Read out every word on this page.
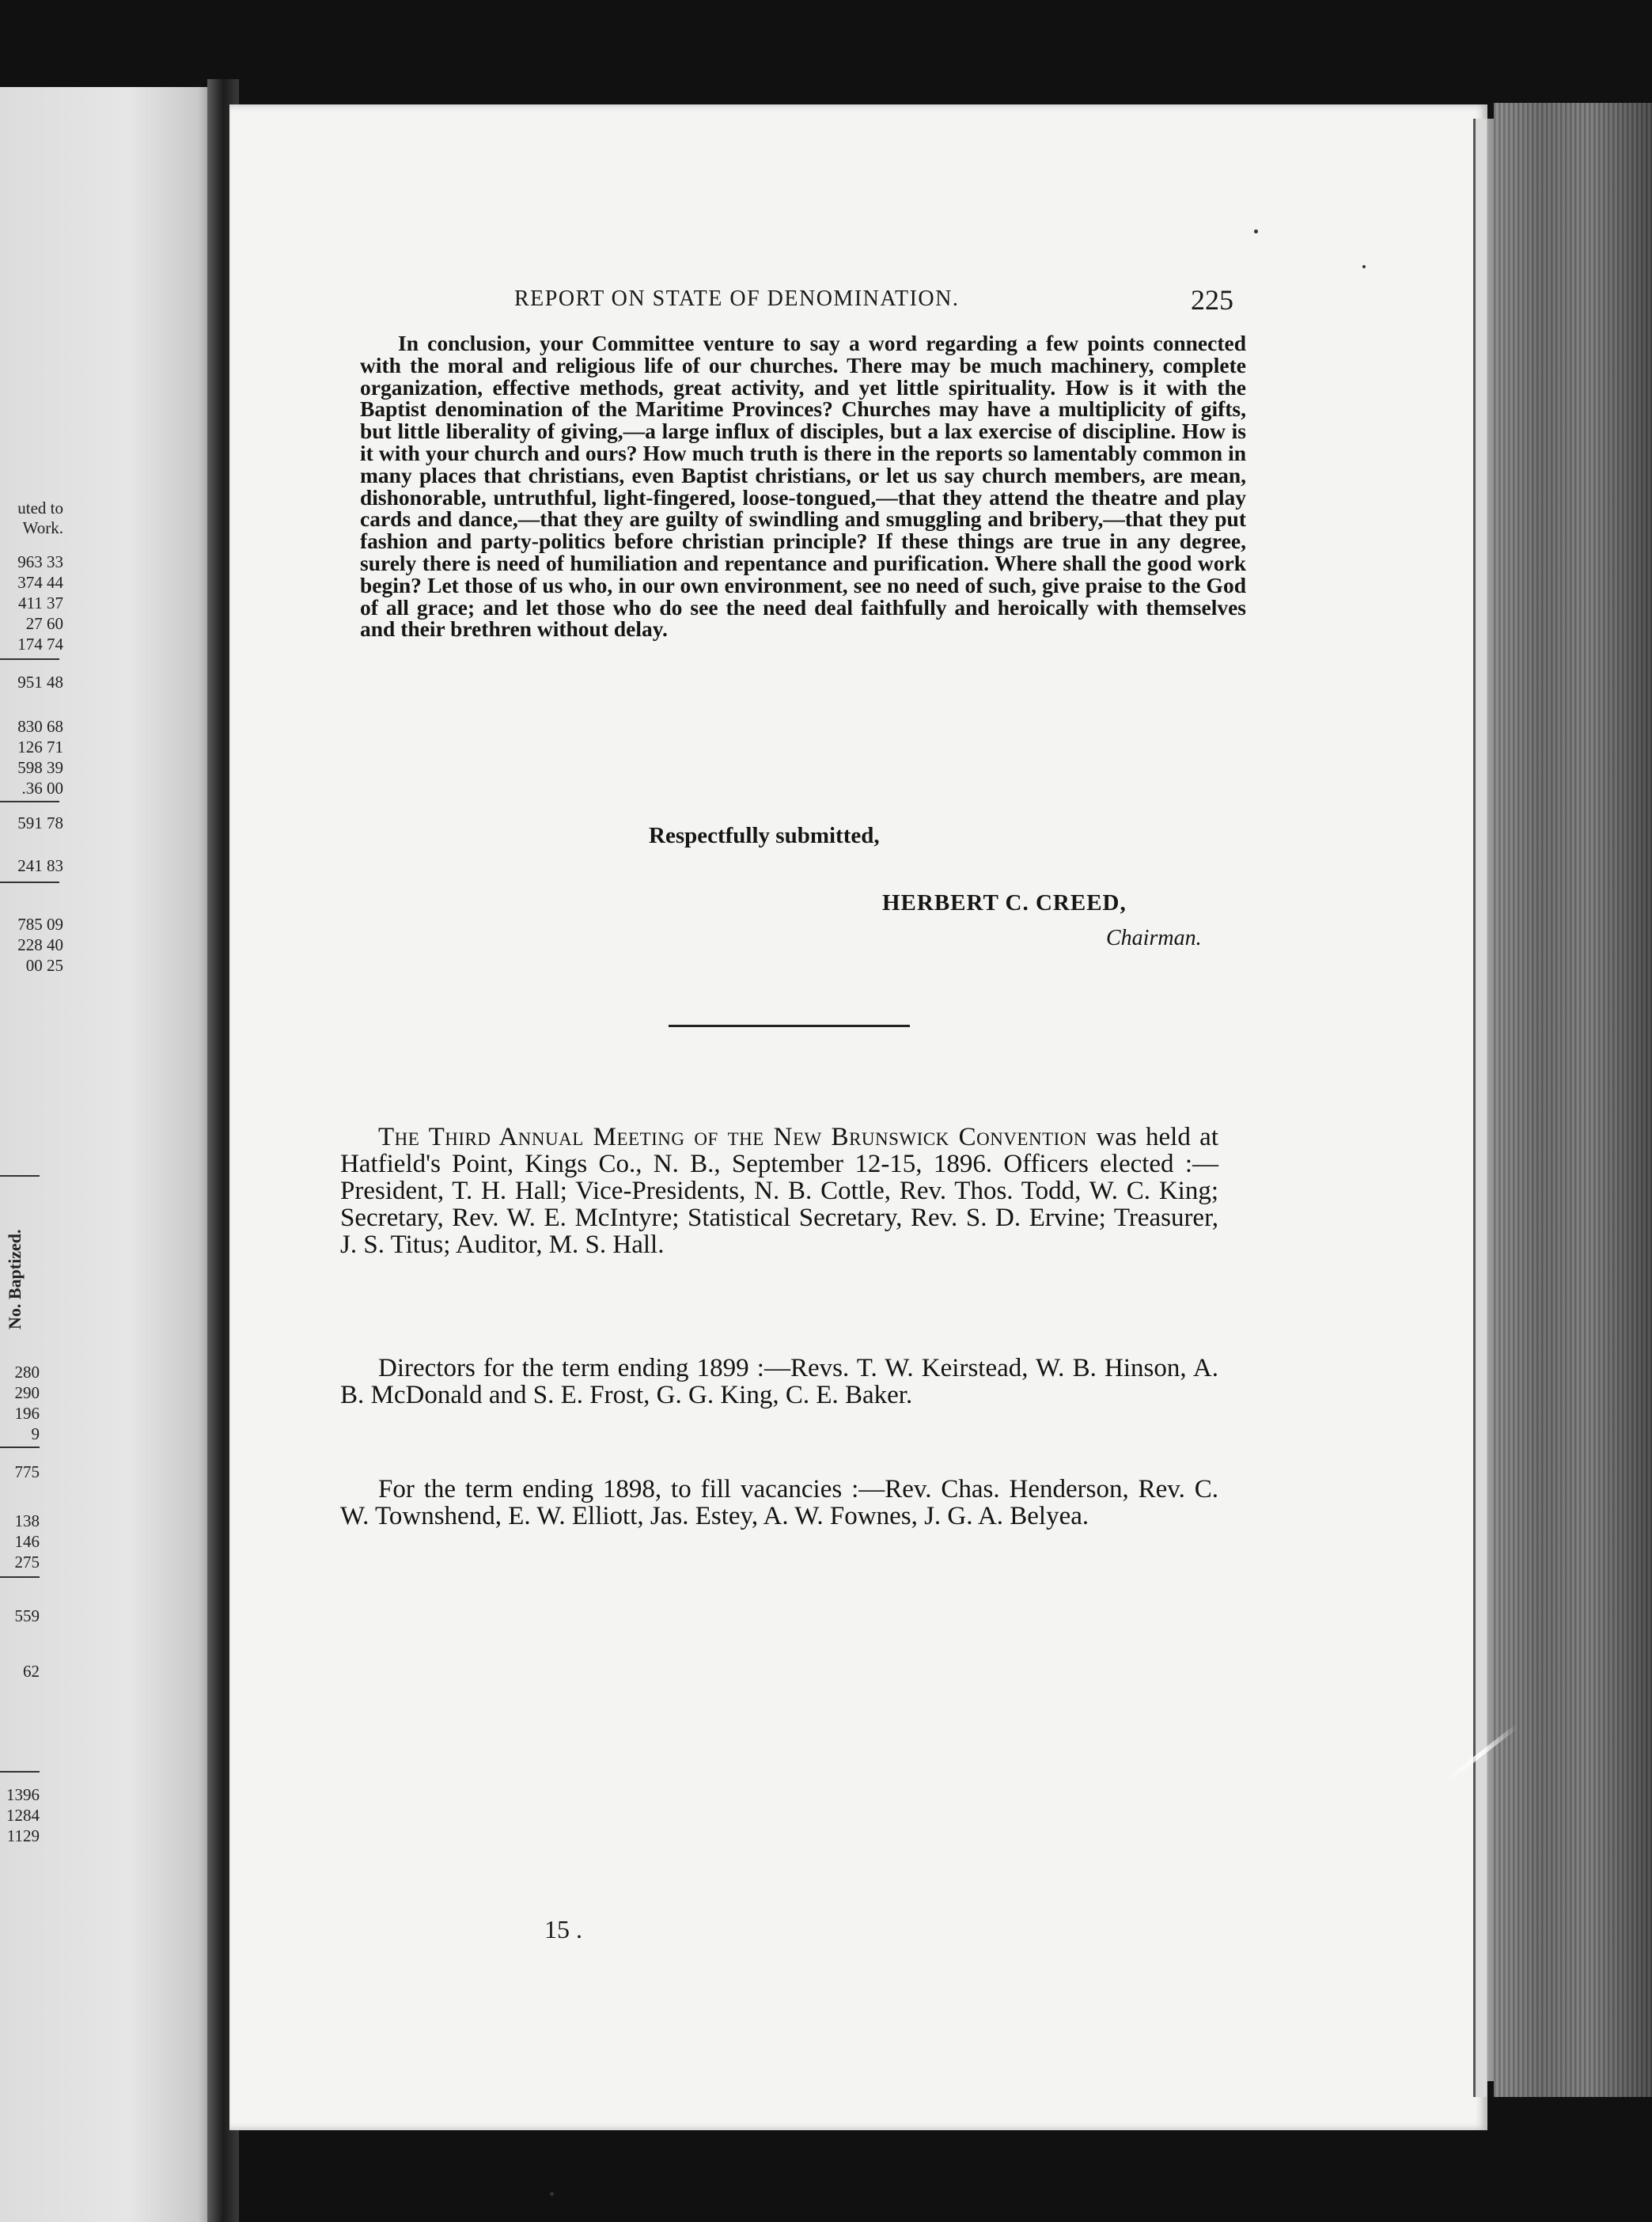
uted to
Work.
963 33
374 44
411 37
27 60
174 74
951 48
830 68
126 71
598 39
.36 00
591 78
241 83
785 09
228 40
00 25
No. Baptized.
280
290
196
9
775
138
146
275
559
62
1396
1284
1129
REPORT ON STATE OF DENOMINATION.	225

In conclusion, your Committee venture to say a word regarding a few points connected with the moral and religious life of our churches. There may be much machinery, complete organization, effective methods, great activity, and yet little spirituality. How is it with the Baptist denomination of the Maritime Provinces? Churches may have a multiplicity of gifts, but little liberality of giving,—a large influx of disciples, but a lax exercise of discipline. How is it with your church and ours? How much truth is there in the reports so lamentably common in many places that christians, even Baptist christians, or let us say church members, are mean, dishonorable, untruthful, light-fingered, loose-tongued,—that they attend the theatre and play cards and dance,—that they are guilty of swindling and smuggling and bribery,—that they put fashion and party-politics before christian principle? If these things are true in any degree, surely there is need of humiliation and repentance and purification. Where shall the good work begin? Let those of us who, in our own environment, see no need of such, give praise to the God of all grace; and let those who do see the need deal faithfully and heroically with themselves and their brethren without delay.

Respectfully submitted,
HERBERT C. CREED,
Chairman.

The Third Annual Meeting of the New Brunswick Convention was held at Hatfield's Point, Kings Co., N. B., September 12-15, 1896. Officers elected :—President, T. H. Hall; Vice-Presidents, N. B. Cottle, Rev. Thos. Todd, W. C. King; Secretary, Rev. W. E. McIntyre; Statistical Secretary, Rev. S. D. Ervine; Treasurer, J. S. Titus; Auditor, M. S. Hall.

Directors for the term ending 1899 :—Revs. T. W. Keirstead, W. B. Hinson, A. B. McDonald and S. E. Frost, G. G. King, C. E. Baker.

For the term ending 1898, to fill vacancies :—Rev. Chas. Henderson, Rev. C. W. Townshend, E. W. Elliott, Jas. Estey, A. W. Fownes, J. G. A. Belyea.

15 .
